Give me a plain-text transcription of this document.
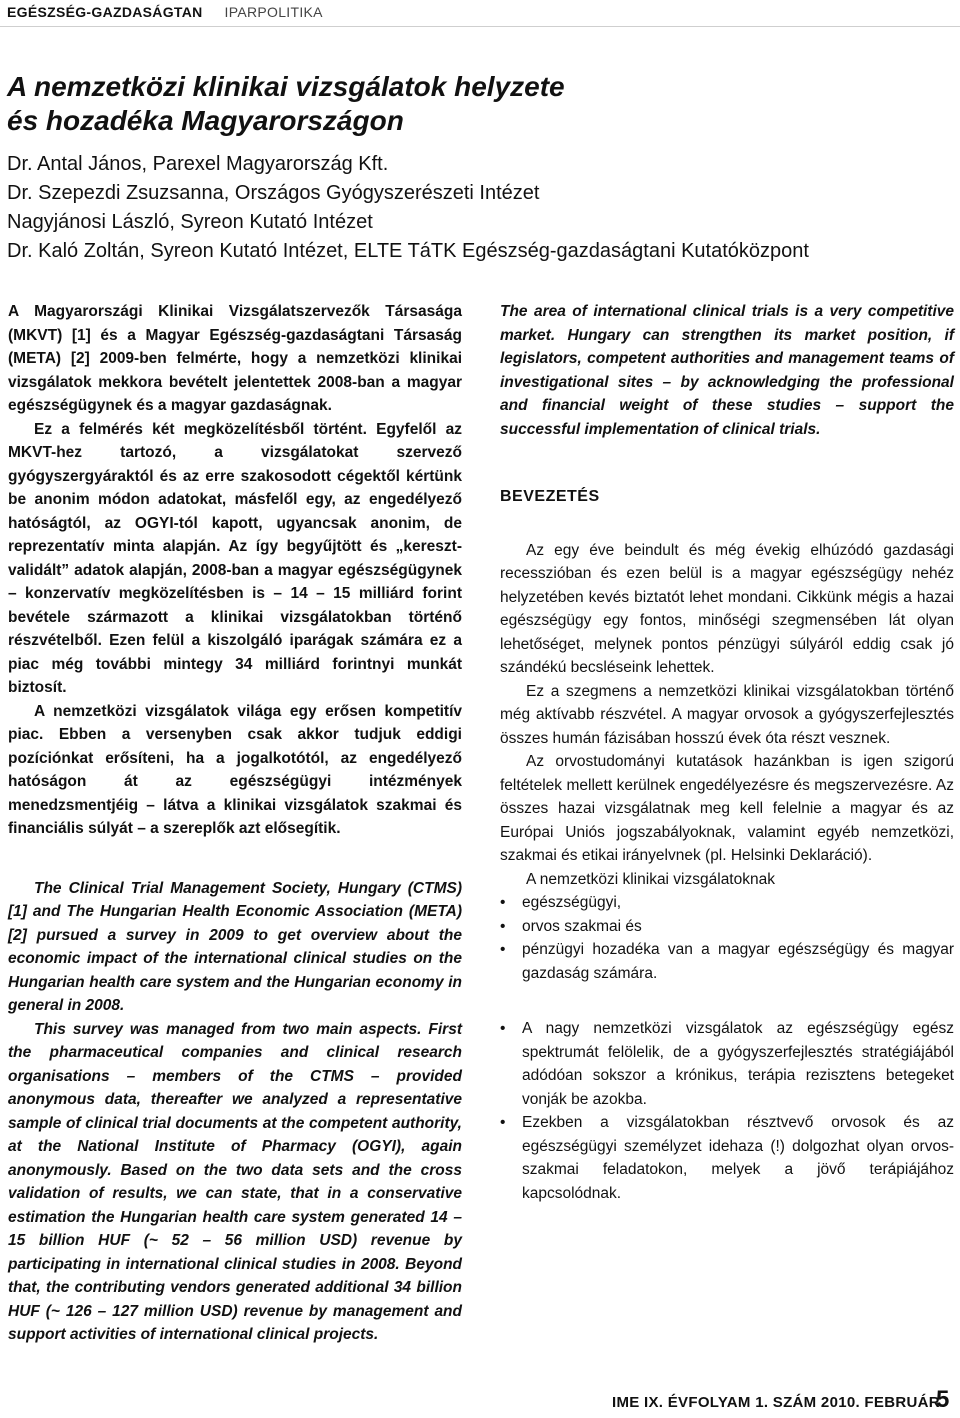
EGÉSZSÉG-GAZDASÁGTAN IPARPOLITIKA
A nemzetközi klinikai vizsgálatok helyzete
és hozadéka Magyarországon
Dr. Antal János, Parexel Magyarország Kft.
Dr. Szepezdi Zsuzsanna, Országos Gyógyszerészeti Intézet
Nagyjánosi László, Syreon Kutató Intézet
Dr. Kaló Zoltán, Syreon Kutató Intézet, ELTE TáTK Egészség-gazdaságtani Kutatóközpont

A Magyarországi Klinikai Vizsgálatszervezők Társasága (MKVT) [1] és a Magyar Egészség-gazdaságtani Társaság (META) [2] 2009-ben felmérte, hogy a nemzetközi klinikai vizsgálatok mekkora bevételt jelentettek 2008-ban a magyar egészségügynek és a magyar gazdaságnak.

Ez a felmérés két megközelítésből történt. Egyfelől az MKVT-hez tartozó, a vizsgálatokat szervező gyógyszergyáraktól és az erre szakosodott cégektől kértünk be anonim módon adatokat, másfelől egy, az engedélyező hatóságtól, az OGYI-tól kapott, ugyancsak anonim, de reprezentatív minta alapján. Az így begyűjtött és „kereszt-validált” adatok alapján, 2008-ban a magyar egészségügynek – konzervatív megközelítésben is – 14 – 15 milliárd forint bevétele származott a klinikai vizsgálatokban történő részvételből. Ezen felül a kiszolgáló iparágak számára ez a piac még további mintegy 34 milliárd forintnyi munkát biztosít.

A nemzetközi vizsgálatok világa egy erősen kompetitív piac. Ebben a versenyben csak akkor tudjuk eddigi pozíciónkat erősíteni, ha a jogalkotótól, az engedélyező hatóságon át az egészségügyi intézmények menedzsmentjéig – látva a klinikai vizsgálatok szakmai és financiális súlyát – a szereplők azt elősegítik.

The Clinical Trial Management Society, Hungary (CTMS) [1] and The Hungarian Health Economic Association (META) [2] pursued a survey in 2009 to get overview about the economic impact of the international clinical studies on the Hungarian health care system and the Hungarian economy in general in 2008.

This survey was managed from two main aspects. First the pharmaceutical companies and clinical research organisations – members of the CTMS – provided anonymous data, thereafter we analyzed a representative sample of clinical trial documents at the competent authority, at the National Institute of Pharmacy (OGYI), again anonymously. Based on the two data sets and the cross validation of results, we can state, that in a conservative estimation the Hungarian health care system generated 14 – 15 billion HUF (~ 52 – 56 million USD) revenue by participating in international clinical studies in 2008. Beyond that, the contributing vendors generated additional 34 billion HUF (~ 126 – 127 million USD) revenue by management and support activities of international clinical projects.

The area of international clinical trials is a very competitive market. Hungary can strengthen its market position, if legislators, competent authorities and management teams of investigational sites – by acknowledging the professional and financial weight of these studies – support the successful implementation of clinical trials.

BEVEZETÉS

Az egy éve beindult és még évekig elhúzódó gazdasági recesszióban és ezen belül is a magyar egészségügy nehéz helyzetében kevés biztatót lehet mondani. Cikkünk mégis a hazai egészségügy egy fontos, minőségi szegmensében lát olyan lehetőséget, melynek pontos pénzügyi súlyáról eddig csak jó szándékú becsléseink lehettek.

Ez a szegmens a nemzetközi klinikai vizsgálatokban történő még aktívabb részvétel. A magyar orvosok a gyógyszerfejlesztés összes humán fázisában hosszú évek óta részt vesznek.

Az orvostudományi kutatások hazánkban is igen szigorú feltételek mellett kerülnek engedélyezésre és megszervezésre. Az összes hazai vizsgálatnak meg kell felelnie a magyar és az Európai Uniós jogszabályoknak, valamint egyéb nemzetközi, szakmai és etikai irányelvnek (pl. Helsinki Deklaráció).

A nemzetközi klinikai vizsgálatoknak

• egészségügyi,
• orvos szakmai és
• pénzügyi hozadéka van a magyar egészségügy és magyar gazdaság számára.
• A nagy nemzetközi vizsgálatok az egészségügy egész spektrumát felölelik, de a gyógyszerfejlesztés stratégiájából adódóan sokszor a krónikus, terápia rezisztens betegeket vonják be azokba.
• Ezekben a vizsgálatokban résztvevő orvosok és az egészségügyi személyzet idehaza (!) dolgozhat olyan orvos-szakmai feladatokon, melyek a jövő terápiájához kapcsolódnak.
IME IX. ÉVFOLYAM 1. SZÁM 2010. FEBRUÁR
5
